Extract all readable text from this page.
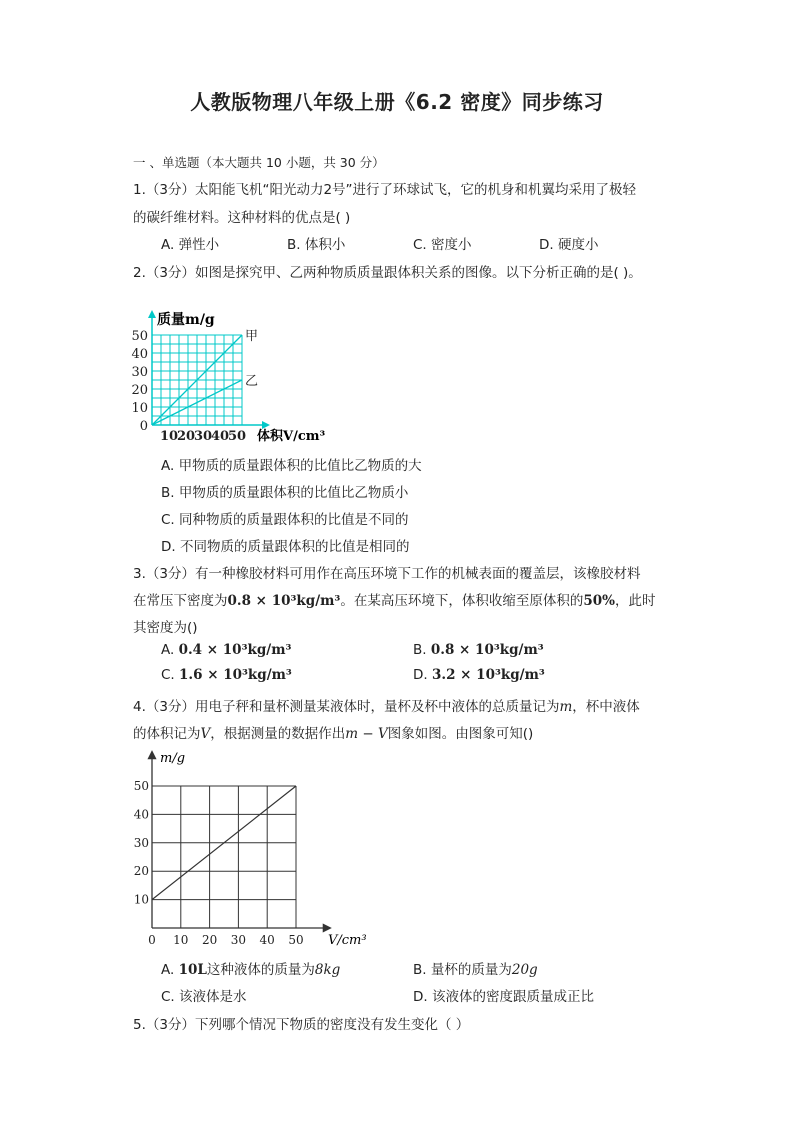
人教版物理八年级上册《6.2 密度》同步练习
一 、单选题（本大题共 10 小题，共 30 分）
1.（3分）太阳能飞机“阳光动力2号”进行了环球试飞，它的机身和机翼均采用了极轻
的碳纤维材料。这种材料的优点是( )
A. 弹性小	B. 体积小	C. 密度小	D. 硬度小
2.（3分）如图是探究甲、乙两种物质质量跟体积关系的图像。以下分析正确的是( )。
甲
乙
0
10
20
30
40
50
10
20
30
40
50
质量m/g
体积V/cm³
A. 甲物质的质量跟体积的比值比乙物质的大
B. 甲物质的质量跟体积的比值比乙物质小
C. 同种物质的质量跟体积的比值是不同的
D. 不同物质的质量跟体积的比值是相同的
3.（3分）有一种橡胶材料可用作在高压环境下工作的机械表面的覆盖层，该橡胶材料
在常压下密度为0.8 × 10³kg/m³。在某高压环境下，体积收缩至原体积的50%，此时
其密度为()
A. 0.4 × 10³kg/m³	B. 0.8 × 10³kg/m³
C. 1.6 × 10³kg/m³	D. 3.2 × 10³kg/m³
4.（3分）用电子秤和量杯测量某液体时，量杯及杯中液体的总质量记为m，杯中液体
的体积记为V，根据测量的数据作出m − V图象如图。由图象可知()
10
20
30
40
50
0 10 20 30 40 50
m/g
V/cm³
A. 10L这种液体的质量为8kg	B. 量杯的质量为20g
C. 该液体是水	D. 该液体的密度跟质量成正比
5.（3分）下列哪个情况下物质的密度没有发生变化（ ）
